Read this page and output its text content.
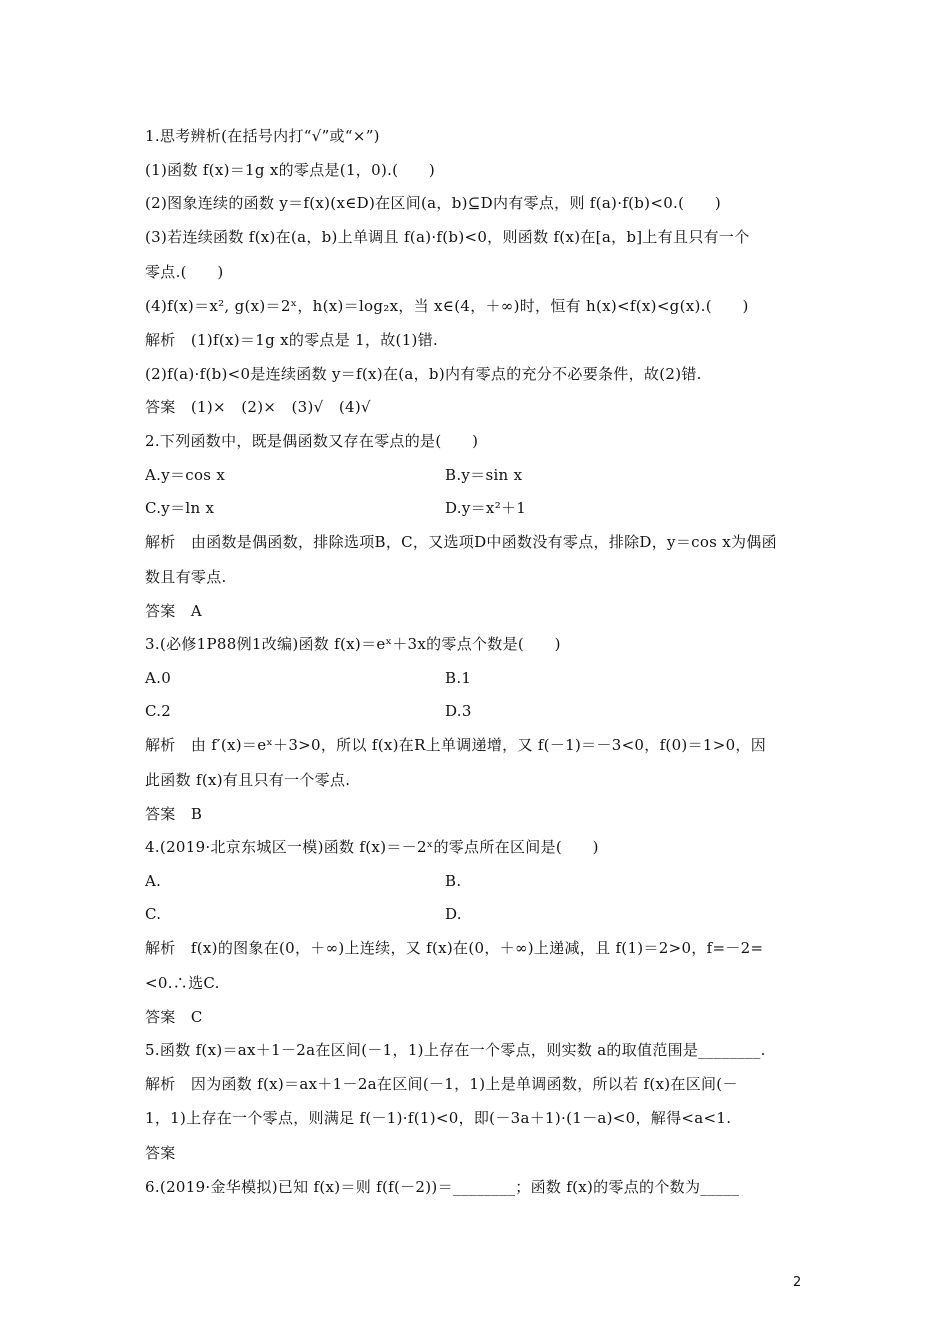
1.思考辨析(在括号内打“√”或“×”)
(1)函数 f(x)＝1g x的零点是(1，0).(　　)
(2)图象连续的函数 y＝f(x)(x∈D)在区间(a，b)⊆D内有零点，则 f(a)·f(b)<0.(　　)
(3)若连续函数 f(x)在(a，b)上单调且 f(a)·f(b)<0，则函数 f(x)在[a，b]上有且只有一个
零点.(　　)
(4)f(x)＝x², g(x)＝2ˣ，h(x)＝log₂x，当 x∈(4，＋∞)时，恒有 h(x)<f(x)<g(x).(　　)
解析　(1)f(x)＝1g x的零点是 1，故(1)错.
(2)f(a)·f(b)<0是连续函数 y＝f(x)在(a，b)内有零点的充分不必要条件，故(2)错.
答案　(1)×　(2)×　(3)√　(4)√
2.下列函数中，既是偶函数又存在零点的是(　　)
A.y＝cos x	B.y＝sin x
C.y＝ln x	D.y＝x²＋1
解析　由函数是偶函数，排除选项B，C，又选项D中函数没有零点，排除D，y＝cos x为偶函
数且有零点.
答案　A
3.(必修1P88例1改编)函数 f(x)＝eˣ＋3x的零点个数是(　　)
A.0	B.1
C.2	D.3
解析　由 f′(x)＝eˣ＋3>0，所以 f(x)在R上单调递增，又 f(－1)＝－3<0，f(0)＝1>0，因
此函数 f(x)有且只有一个零点.
答案　B
4.(2019·北京东城区一模)函数 f(x)＝－2ˣ的零点所在区间是(　　)
A.	B.
C.	D.
解析　f(x)的图象在(0，＋∞)上连续，又 f(x)在(0，＋∞)上递减，且 f(1)＝2>0，f=－2=
<0.∴选C.
答案　C
5.函数 f(x)＝ax＋1－2a在区间(－1，1)上存在一个零点，则实数 a的取值范围是________.
解析　因为函数 f(x)＝ax＋1－2a在区间(－1，1)上是单调函数，所以若 f(x)在区间(－
1，1)上存在一个零点，则满足 f(－1)·f(1)<0，即(－3a＋1)·(1－a)<0，解得<a<1.
答案
6.(2019·金华模拟)已知 f(x)＝则 f(f(－2))＝________；函数 f(x)的零点的个数为_____
2
